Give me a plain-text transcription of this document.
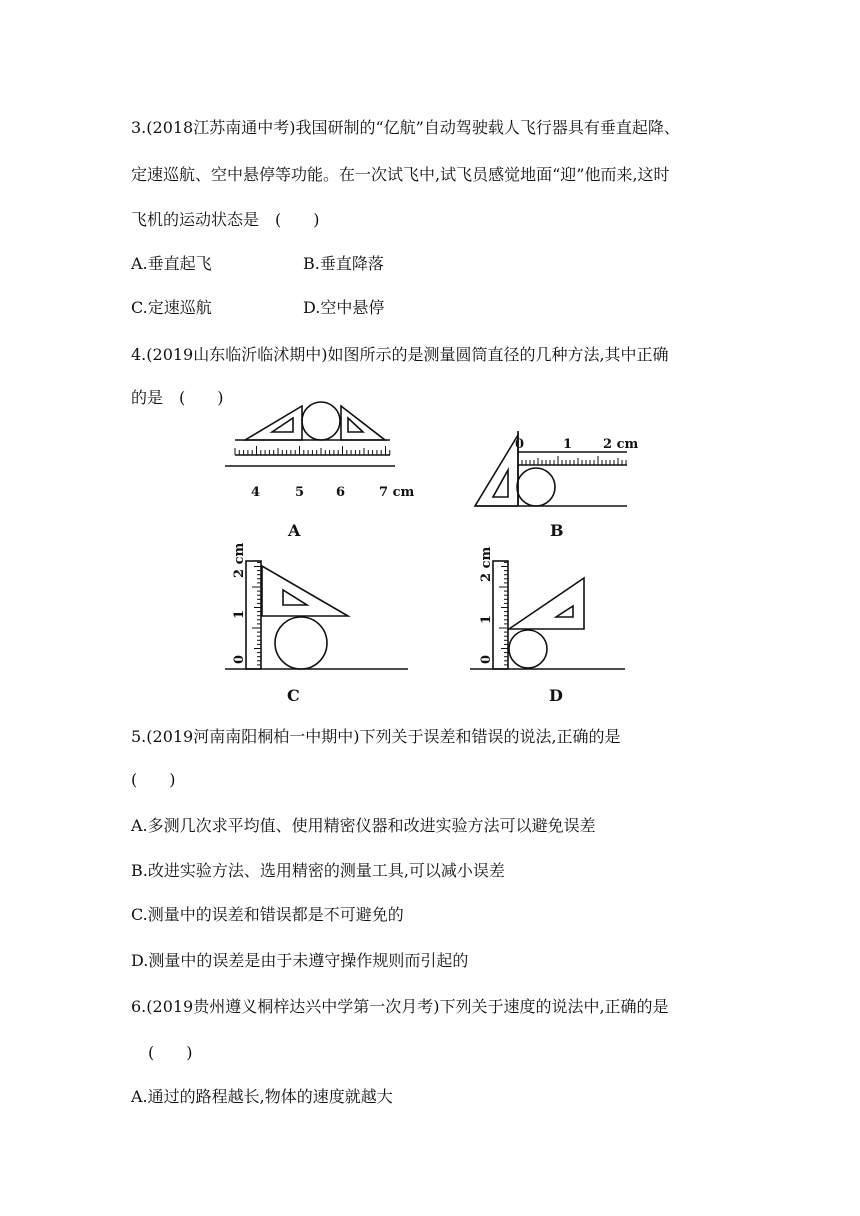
3.(2018江苏南通中考)我国研制的“亿航”自动驾驶载人飞行器具有垂直起降、
定速巡航、空中悬停等功能。在一次试飞中,试飞员感觉地面“迎”他而来,这时
飞机的运动状态是　(　　)
A.垂直起飞	B.垂直降落
C.定速巡航	D.空中悬停
4.(2019山东临沂临沭期中)如图所示的是测量圆筒直径的几种方法,其中正确
的是　(　　)
4	5 6	7 cm
A
0	1 2 cm
B
0
1
2 cm
C
0
1
2 cm
D
5.(2019河南南阳桐柏一中期中)下列关于误差和错误的说法,正确的是
(　　)
A.多测几次求平均值、使用精密仪器和改进实验方法可以避免误差
B.改进实验方法、选用精密的测量工具,可以减小误差
C.测量中的误差和错误都是不可避免的
D.测量中的误差是由于未遵守操作规则而引起的
6.(2019贵州遵义桐梓达兴中学第一次月考)下列关于速度的说法中,正确的是
(　　)
A.通过的路程越长,物体的速度就越大
